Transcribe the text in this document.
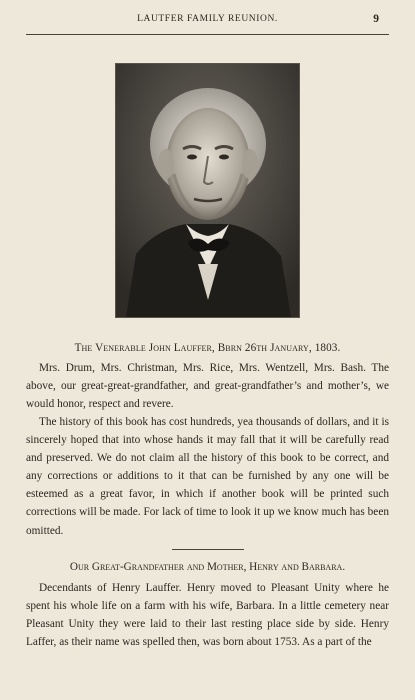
LAUTFER FAMILY REUNION.	9
The Venerable John Lauffer, Bbrn 26th January, 1803.

Mrs. Drum, Mrs. Christman, Mrs. Rice, Mrs. Wentzell, Mrs. Bash. The above, our great-great-grandfather, and great-grandfather’s and mother’s, we would honor, respect and revere.

The history of this book has cost hundreds, yea thousands of dollars, and it is sincerely hoped that into whose hands it may fall that it will be carefully read and preserved. We do not claim all the history of this book to be correct, and any corrections or additions to it that can be furnished by any one will be esteemed as a great favor, in which if another book will be printed such corrections will be made. For lack of time to look it up we know much has been omitted.

Our Great-Grandfather and Mother, Henry and Barbara.

Decendants of Henry Lauffer. Henry moved to Pleasant Unity where he spent his whole life on a farm with his wife, Barbara. In a little cemetery near Pleasant Unity they were laid to their last resting place side by side. Henry Laffer, as their name was spelled then, was born about 1753. As a part of the
